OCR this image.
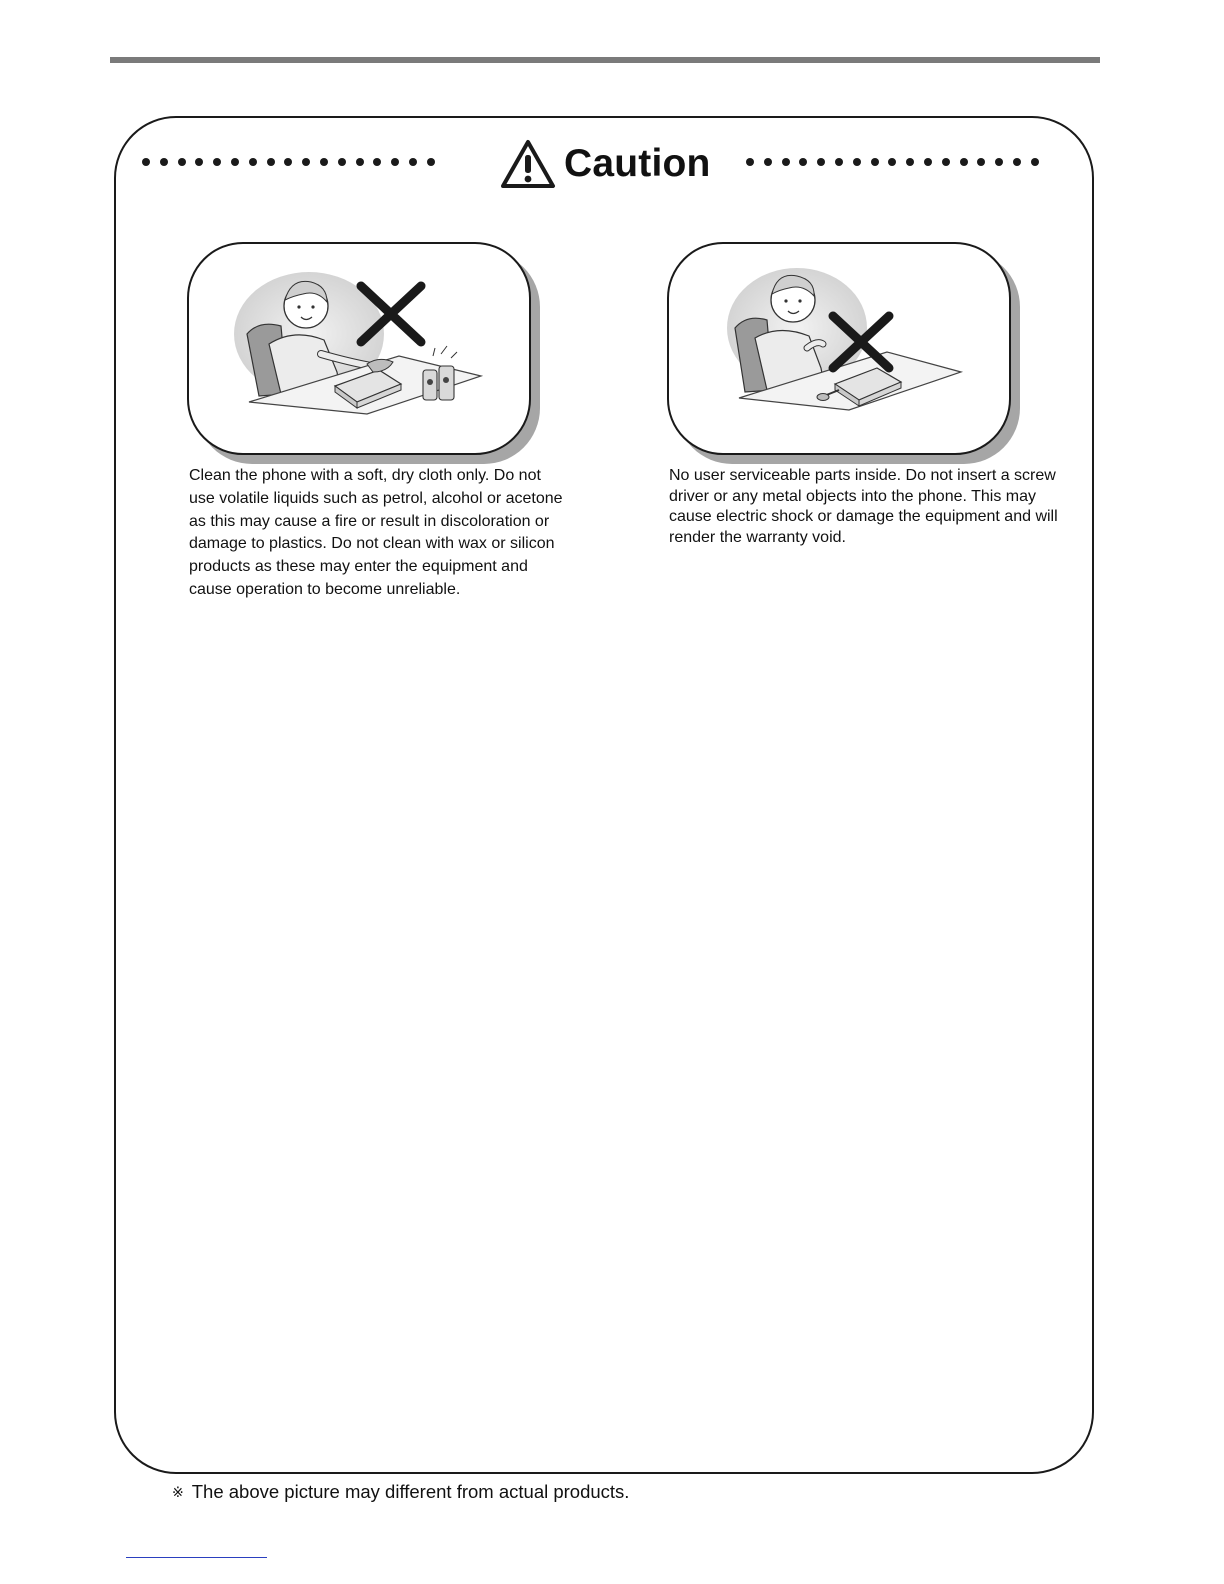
Caution

Clean the phone with a soft, dry cloth only. Do not use volatile liquids such as petrol, alcohol or acetone as this may cause a fire or result in discoloration or damage to plastics. Do not clean with wax or silicon products as these may enter the equipment and cause operation to become unreliable.

No user serviceable parts inside. Do not insert a screw driver or any metal objects into the phone. This may cause electric shock or damage the equipment and will render the warranty void.

※ The above picture may different from actual products.
